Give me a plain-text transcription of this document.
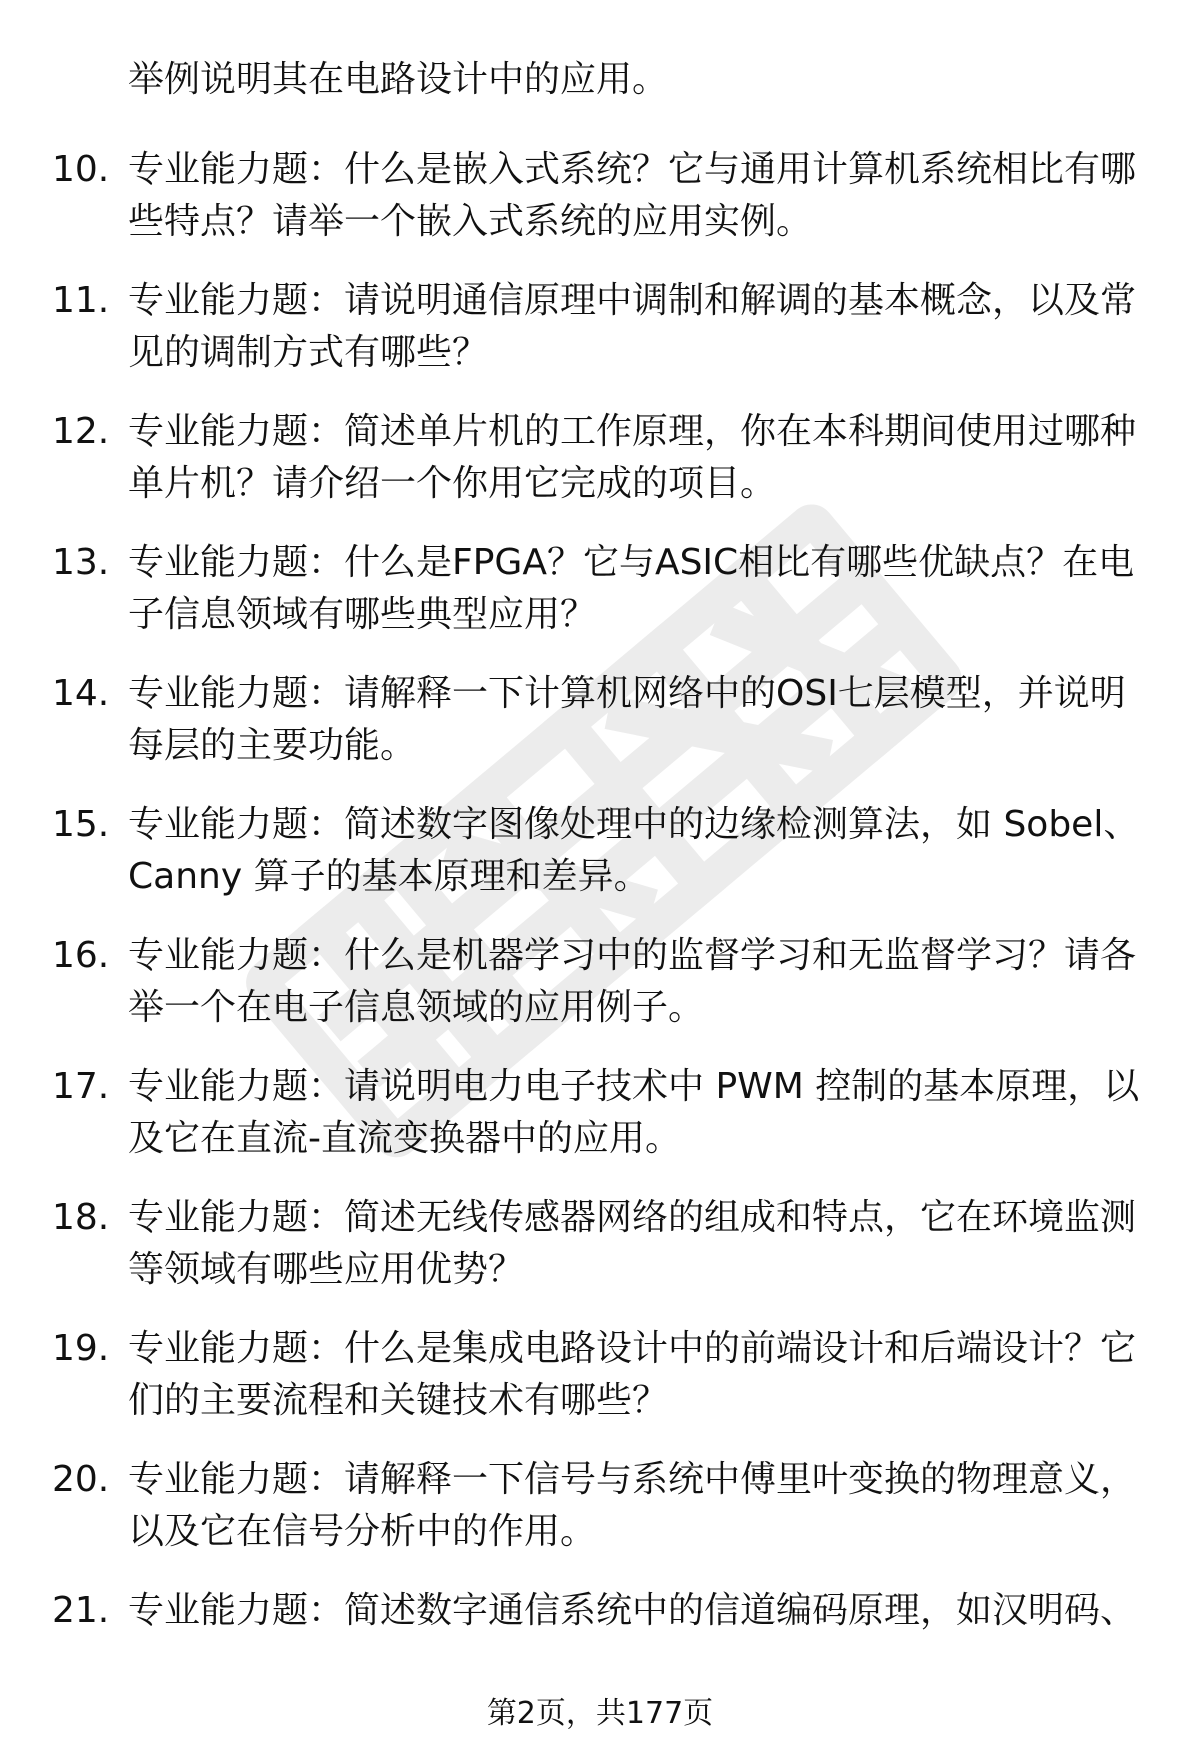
举例说明其在电路设计中的应用。
10. 专业能力题：什么是嵌入式系统？它与通用计算机系统相比有哪
些特点？请举一个嵌入式系统的应用实例。
11. 专业能力题：请说明通信原理中调制和解调的基本概念，以及常
见的调制方式有哪些？
12. 专业能力题：简述单片机的工作原理，你在本科期间使用过哪种
单片机？请介绍一个你用它完成的项目。
13. 专业能力题：什么是FPGA？它与ASIC相比有哪些优缺点？在电
子信息领域有哪些典型应用？
14. 专业能力题：请解释一下计算机网络中的OSI七层模型，并说明
每层的主要功能。
15. 专业能力题：简述数字图像处理中的边缘检测算法，如 Sobel、
Canny 算子的基本原理和差异。
16. 专业能力题：什么是机器学习中的监督学习和无监督学习？请各
举一个在电子信息领域的应用例子。
17. 专业能力题：请说明电力电子技术中 PWM 控制的基本原理，以
及它在直流-直流变换器中的应用。
18. 专业能力题：简述无线传感器网络的组成和特点，它在环境监测
等领域有哪些应用优势？
19. 专业能力题：什么是集成电路设计中的前端设计和后端设计？它
们的主要流程和关键技术有哪些？
20. 专业能力题：请解释一下信号与系统中傅里叶变换的物理意义，
以及它在信号分析中的作用。
21. 专业能力题：简述数字通信系统中的信道编码原理，如汉明码、
第2页，共177页
